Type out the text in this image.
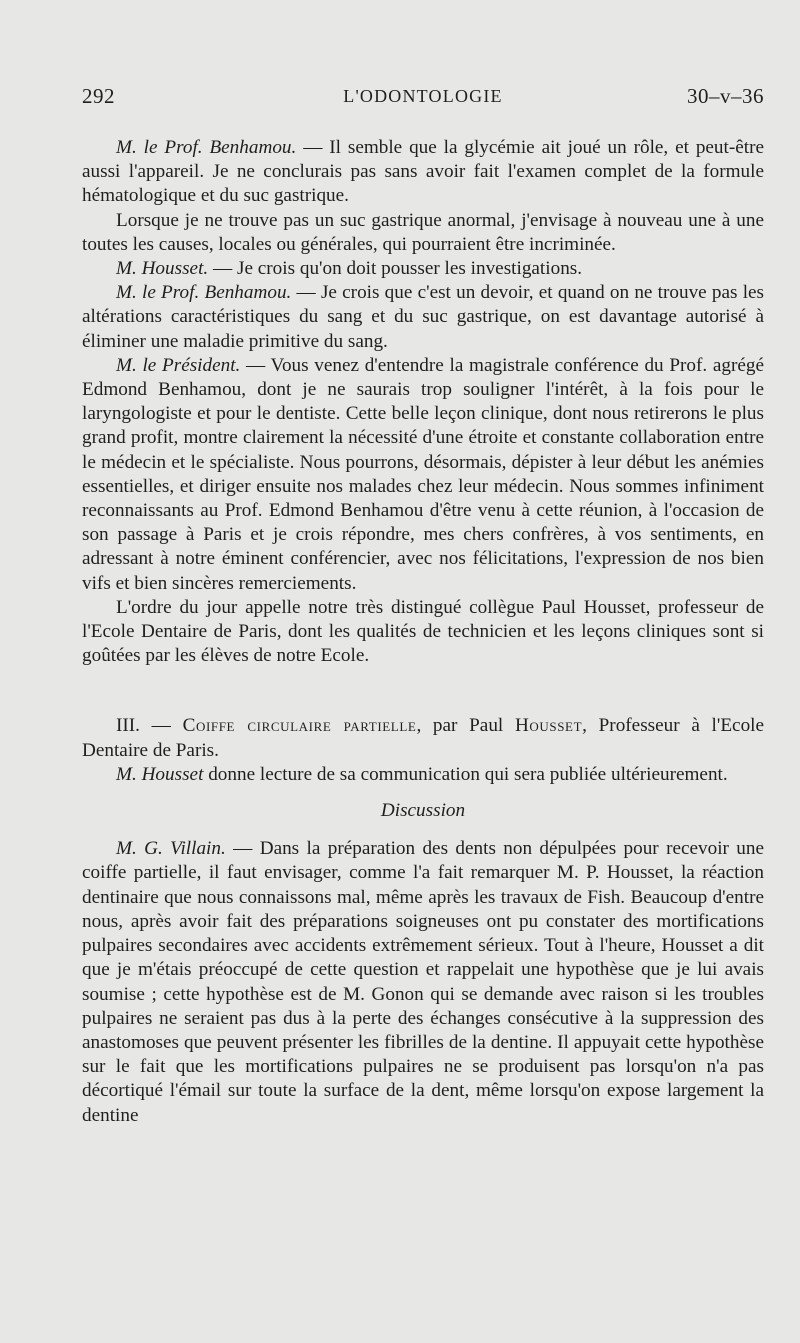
292	L'ODONTOLOGIE	30–v–36

M. le Prof. Benhamou. — Il semble que la glycémie ait joué un rôle, et peut-être aussi l'appareil. Je ne conclurais pas sans avoir fait l'examen complet de la formule hématologique et du suc gastrique.

Lorsque je ne trouve pas un suc gastrique anormal, j'envisage à nouveau une à une toutes les causes, locales ou générales, qui pourraient être incriminée.

M. Housset. — Je crois qu'on doit pousser les investigations.

M. le Prof. Benhamou. — Je crois que c'est un devoir, et quand on ne trouve pas les altérations caractéristiques du sang et du suc gastrique, on est davantage autorisé à éliminer une maladie primitive du sang.

M. le Président. — Vous venez d'entendre la magistrale conférence du Prof. agrégé Edmond Benhamou, dont je ne saurais trop souligner l'intérêt, à la fois pour le laryngologiste et pour le dentiste. Cette belle leçon clinique, dont nous retirerons le plus grand profit, montre clairement la nécessité d'une étroite et constante collaboration entre le médecin et le spécialiste. Nous pourrons, désormais, dépister à leur début les anémies essentielles, et diriger ensuite nos malades chez leur médecin. Nous sommes infiniment reconnaissants au Prof. Edmond Benhamou d'être venu à cette réunion, à l'occasion de son passage à Paris et je crois répondre, mes chers confrères, à vos sentiments, en adressant à notre éminent conférencier, avec nos félicitations, l'expression de nos bien vifs et bien sincères remerciements.

L'ordre du jour appelle notre très distingué collègue Paul Housset, professeur de l'Ecole Dentaire de Paris, dont les qualités de technicien et les leçons cliniques sont si goûtées par les élèves de notre Ecole.

III. — Coiffe circulaire partielle, par Paul Housset, Professeur à l'Ecole Dentaire de Paris.

M. Housset donne lecture de sa communication qui sera publiée ultérieurement.

Discussion

M. G. Villain. — Dans la préparation des dents non dépulpées pour recevoir une coiffe partielle, il faut envisager, comme l'a fait remarquer M. P. Housset, la réaction dentinaire que nous connaissons mal, même après les travaux de Fish. Beaucoup d'entre nous, après avoir fait des préparations soigneuses ont pu constater des mortifications pulpaires secondaires avec accidents extrêmement sérieux. Tout à l'heure, Housset a dit que je m'étais préoccupé de cette question et rappelait une hypothèse que je lui avais soumise ; cette hypothèse est de M. Gonon qui se demande avec raison si les troubles pulpaires ne seraient pas dus à la perte des échanges consécutive à la suppression des anastomoses que peuvent présenter les fibrilles de la dentine. Il appuyait cette hypothèse sur le fait que les mortifications pulpaires ne se produisent pas lorsqu'on n'a pas décortiqué l'émail sur toute la surface de la dent, même lorsqu'on expose largement la dentine
